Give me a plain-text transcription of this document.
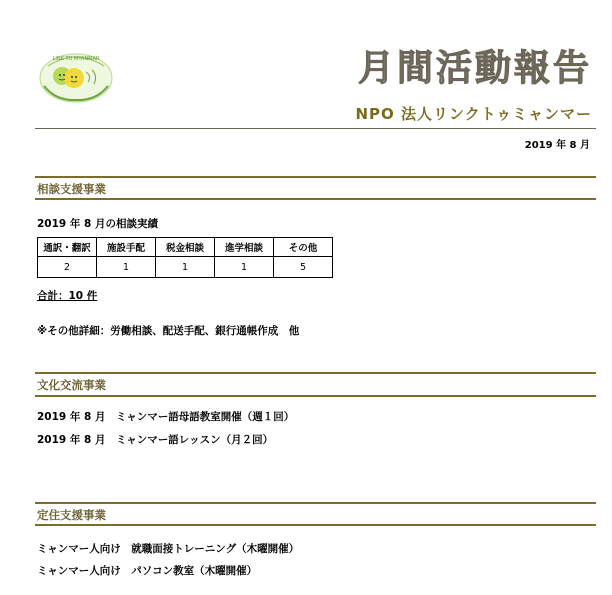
LINK TO MYANMAR	月間活動報告
NPO 法人リンクトゥミャンマー
2019 年 8 月
相談支援事業
2019 年 8 月の相談実績
通訳・翻訳	施設手配	税金相談	進学相談	その他
2	1	1	1	5
合計：10 件
※その他詳細：労働相談、配送手配、銀行通帳作成　他
文化交流事業
2019 年 8 月　ミャンマー語母語教室開催（週１回）
2019 年 8 月　ミャンマー語レッスン（月２回）
定住支援事業
ミャンマー人向け　就職面接トレーニング（木曜開催）
ミャンマー人向け　パソコン教室（木曜開催）
